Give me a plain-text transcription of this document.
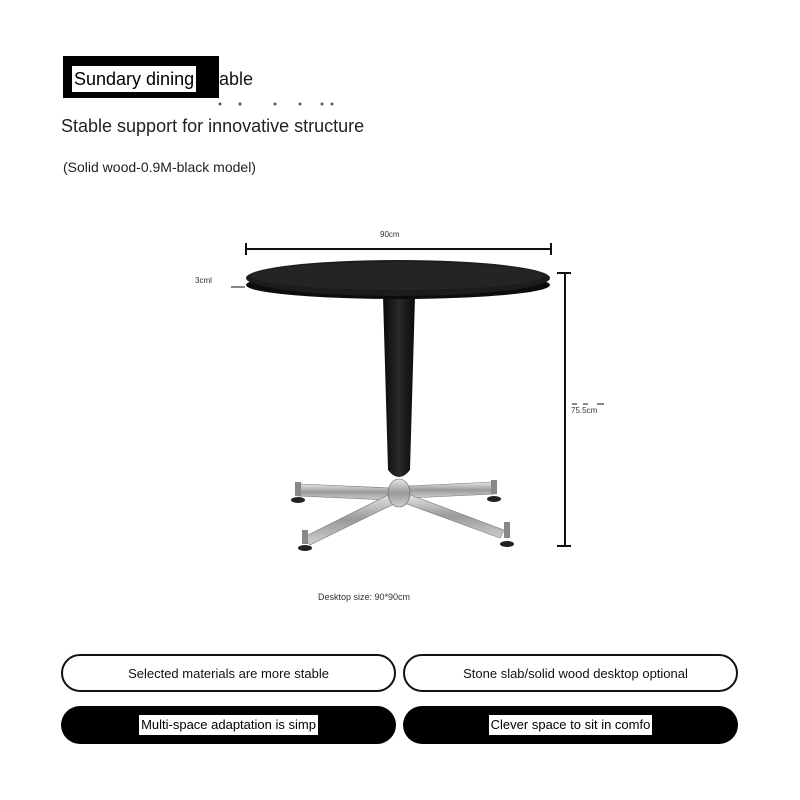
Sundary dining able
Stable support for innovative structure
(Solid wood-0.9M-black model)
90cm
3cml
75.5cm
Desktop size: 90*90cm
Selected materials are more stable	Stone slab/solid wood desktop optional
Multi-space adaptation is simp	Clever space to sit in comfo
